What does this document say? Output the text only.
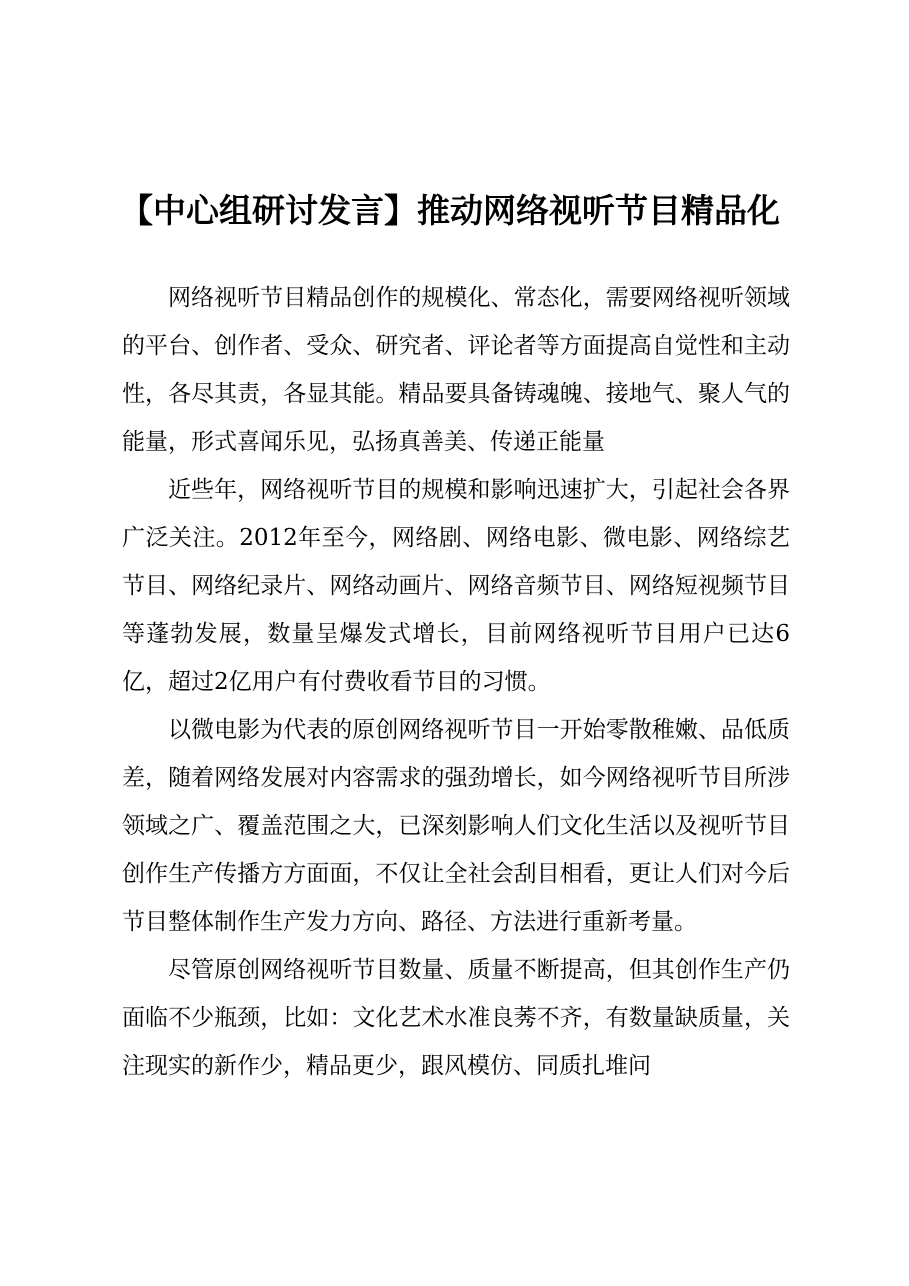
【中心组研讨发言】推动网络视听节目精品化

网络视听节目精品创作的规模化、常态化，需要网络视听领域的平台、创作者、受众、研究者、评论者等方面提高自觉性和主动性，各尽其责，各显其能。精品要具备铸魂魄、接地气、聚人气的能量，形式喜闻乐见，弘扬真善美、传递正能量

近些年，网络视听节目的规模和影响迅速扩大，引起社会各界广泛关注。2012年至今，网络剧、网络电影、微电影、网络综艺节目、网络纪录片、网络动画片、网络音频节目、网络短视频节目等蓬勃发展，数量呈爆发式增长，目前网络视听节目用户已达6亿，超过2亿用户有付费收看节目的习惯。

以微电影为代表的原创网络视听节目一开始零散稚嫩、品低质差，随着网络发展对内容需求的强劲增长，如今网络视听节目所涉领域之广、覆盖范围之大，已深刻影响人们文化生活以及视听节目创作生产传播方方面面，不仅让全社会刮目相看，更让人们对今后节目整体制作生产发力方向、路径、方法进行重新考量。

尽管原创网络视听节目数量、质量不断提高，但其创作生产仍面临不少瓶颈，比如：文化艺术水准良莠不齐，有数量缺质量，关注现实的新作少，精品更少，跟风模仿、同质扎堆问
